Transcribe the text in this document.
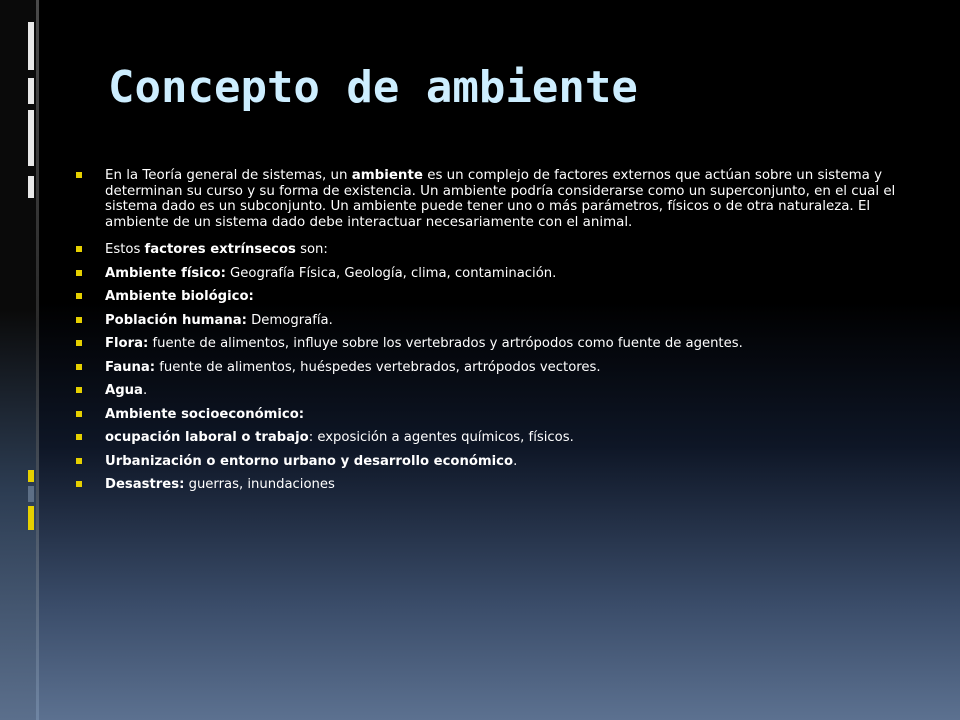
Concepto de ambiente
En la Teoría general de sistemas, un ambiente es un complejo de factores externos que actúan sobre un sistema y determinan su curso y su forma de existencia. Un ambiente podría considerarse como un superconjunto, en el cual el sistema dado es un subconjunto. Un ambiente puede tener uno o más parámetros, físicos o de otra naturaleza. El ambiente de un sistema dado debe interactuar necesariamente con el animal.
Estos factores extrínsecos son:
Ambiente físico: Geografía Física, Geología, clima, contaminación.
Ambiente biológico:
Población humana: Demografía.
Flora: fuente de alimentos, influye sobre los vertebrados y artrópodos como fuente de agentes.
Fauna: fuente de alimentos, huéspedes vertebrados, artrópodos vectores.
Agua.
Ambiente socioeconómico:
ocupación laboral o trabajo: exposición a agentes químicos, físicos.
Urbanización o entorno urbano y desarrollo económico.
Desastres: guerras, inundaciones
